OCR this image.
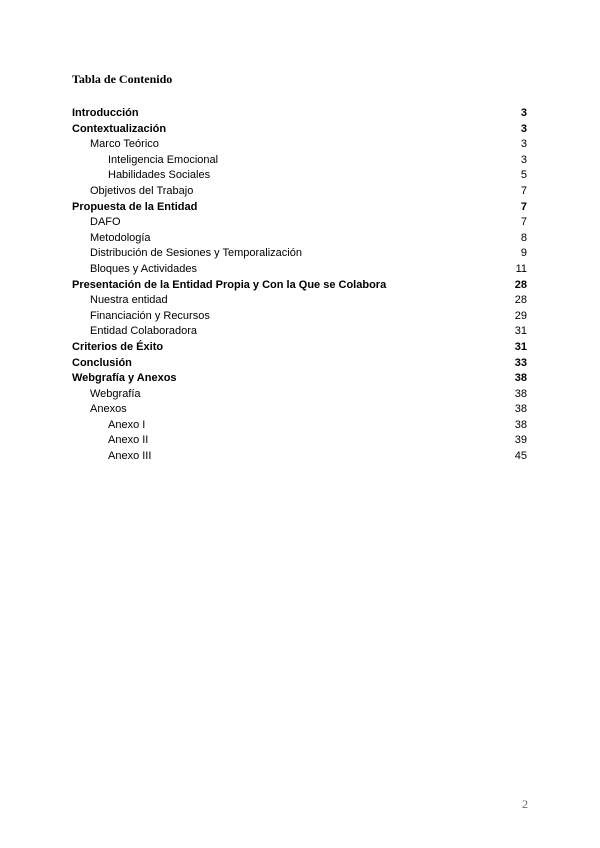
Tabla de Contenido
Introducción	3
Contextualización	3
Marco Teórico	3
Inteligencia Emocional	3
Habilidades Sociales	5
Objetivos del Trabajo	7
Propuesta de la Entidad	7
DAFO	7
Metodología	8
Distribución de Sesiones y Temporalización	9
Bloques y Actividades	11
Presentación de la Entidad Propia y Con la Que se Colabora	28
Nuestra entidad	28
Financiación y Recursos	29
Entidad Colaboradora	31
Criterios de Éxito	31
Conclusión	33
Webgrafía y Anexos	38
Webgrafía	38
Anexos	38
Anexo I	38
Anexo II	39
Anexo III	45
2
